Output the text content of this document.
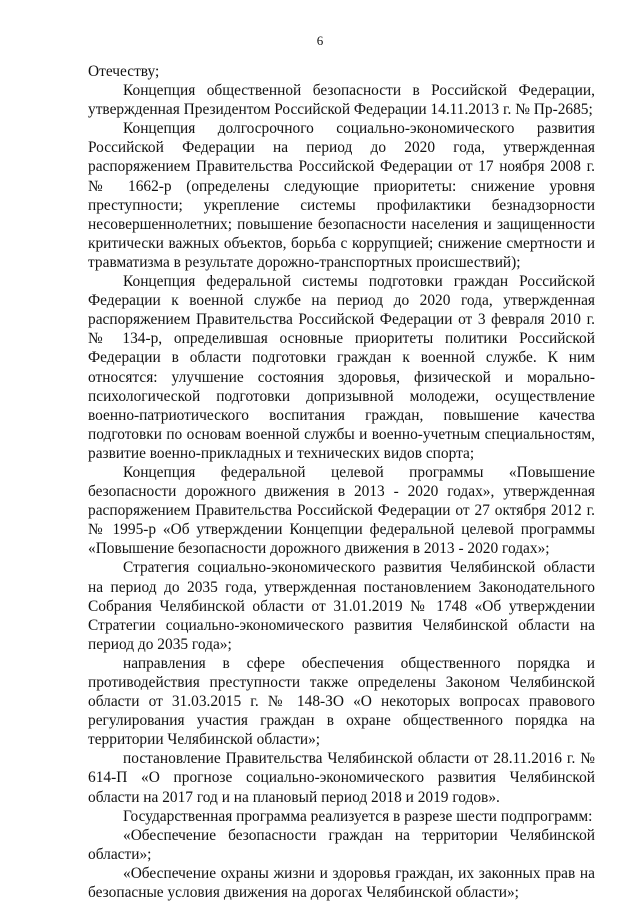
6

Отечеству;

Концепция общественной безопасности в Российской Федерации, утвержденная Президентом Российской Федерации 14.11.2013 г. № Пр-2685;

Концепция долгосрочного социально-экономического развития Российской Федерации на период до 2020 года, утвержденная распоряжением Правительства Российской Федерации от 17 ноября 2008 г. № 1662-р (определены следующие приоритеты: снижение уровня преступности; укрепление системы профилактики безнадзорности несовершеннолетних; повышение безопасности населения и защищенности критически важных объектов, борьба с коррупцией; снижение смертности и травматизма в результате дорожно-транспортных происшествий);

Концепция федеральной системы подготовки граждан Российской Федерации к военной службе на период до 2020 года, утвержденная распоряжением Правительства Российской Федерации от 3 февраля 2010 г. № 134-р, определившая основные приоритеты политики Российской Федерации в области подготовки граждан к военной службе. К ним относятся: улучшение состояния здоровья, физической и морально-психологической подготовки допризывной молодежи, осуществление военно-патриотического воспитания граждан, повышение качества подготовки по основам военной службы и военно-учетным специальностям, развитие военно-прикладных и технических видов спорта;

Концепция федеральной целевой программы «Повышение безопасности дорожного движения в 2013 - 2020 годах», утвержденная распоряжением Правительства Российской Федерации от 27 октября 2012 г. № 1995-р «Об утверждении Концепции федеральной целевой программы «Повышение безопасности дорожного движения в 2013 - 2020 годах»;

Стратегия социально-экономического развития Челябинской области на период до 2035 года, утвержденная постановлением Законодательного Собрания Челябинской области от 31.01.2019 № 1748 «Об утверждении Стратегии социально-экономического развития Челябинской области на период до 2035 года»;

направления в сфере обеспечения общественного порядка и противодействия преступности также определены Законом Челябинской области от 31.03.2015 г. № 148-ЗО «О некоторых вопросах правового регулирования участия граждан в охране общественного порядка на территории Челябинской области»;

постановление Правительства Челябинской области от 28.11.2016 г. № 614-П «О прогнозе социально-экономического развития Челябинской области на 2017 год и на плановый период 2018 и 2019 годов».

Государственная программа реализуется в разрезе шести подпрограмм:

«Обеспечение безопасности граждан на территории Челябинской области»;

«Обеспечение охраны жизни и здоровья граждан, их законных прав на безопасные условия движения на дорогах Челябинской области»;
